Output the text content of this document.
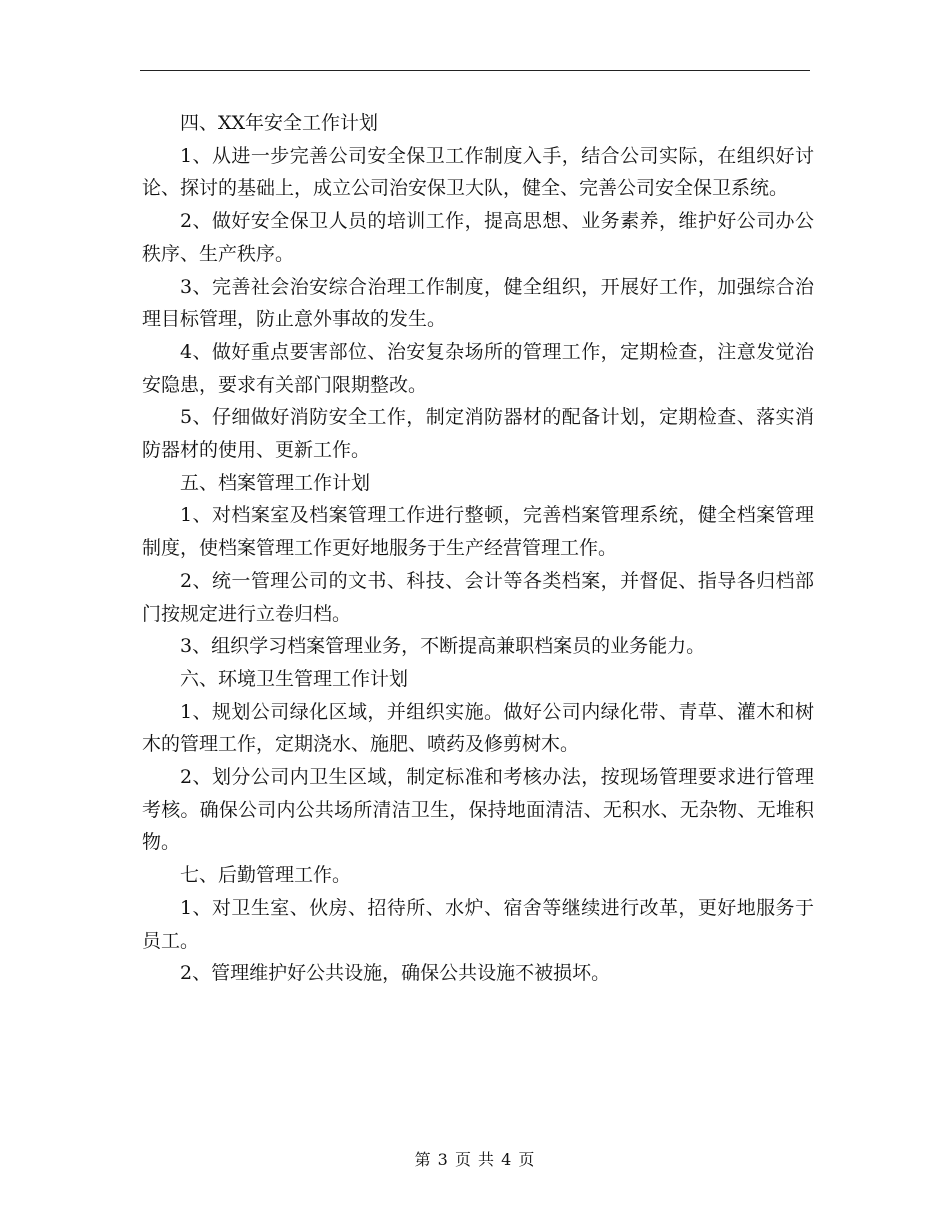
四、XX年安全工作计划

1、从进一步完善公司安全保卫工作制度入手，结合公司实际，在组织好讨论、探讨的基础上，成立公司治安保卫大队，健全、完善公司安全保卫系统。

2、做好安全保卫人员的培训工作，提高思想、业务素养，维护好公司办公秩序、生产秩序。

3、完善社会治安综合治理工作制度，健全组织，开展好工作，加强综合治理目标管理，防止意外事故的发生。

4、做好重点要害部位、治安复杂场所的管理工作，定期检查，注意发觉治安隐患，要求有关部门限期整改。

5、仔细做好消防安全工作，制定消防器材的配备计划，定期检查、落实消防器材的使用、更新工作。

五、档案管理工作计划

1、对档案室及档案管理工作进行整顿，完善档案管理系统，健全档案管理制度，使档案管理工作更好地服务于生产经营管理工作。

2、统一管理公司的文书、科技、会计等各类档案，并督促、指导各归档部门按规定进行立卷归档。

3、组织学习档案管理业务，不断提高兼职档案员的业务能力。

六、环境卫生管理工作计划

1、规划公司绿化区域，并组织实施。做好公司内绿化带、青草、灌木和树木的管理工作，定期浇水、施肥、喷药及修剪树木。

2、划分公司内卫生区域，制定标准和考核办法，按现场管理要求进行管理考核。确保公司内公共场所清洁卫生，保持地面清洁、无积水、无杂物、无堆积物。

七、后勤管理工作。

1、对卫生室、伙房、招待所、水炉、宿舍等继续进行改革，更好地服务于员工。

2、管理维护好公共设施，确保公共设施不被损坏。

第 3 页 共 4 页
